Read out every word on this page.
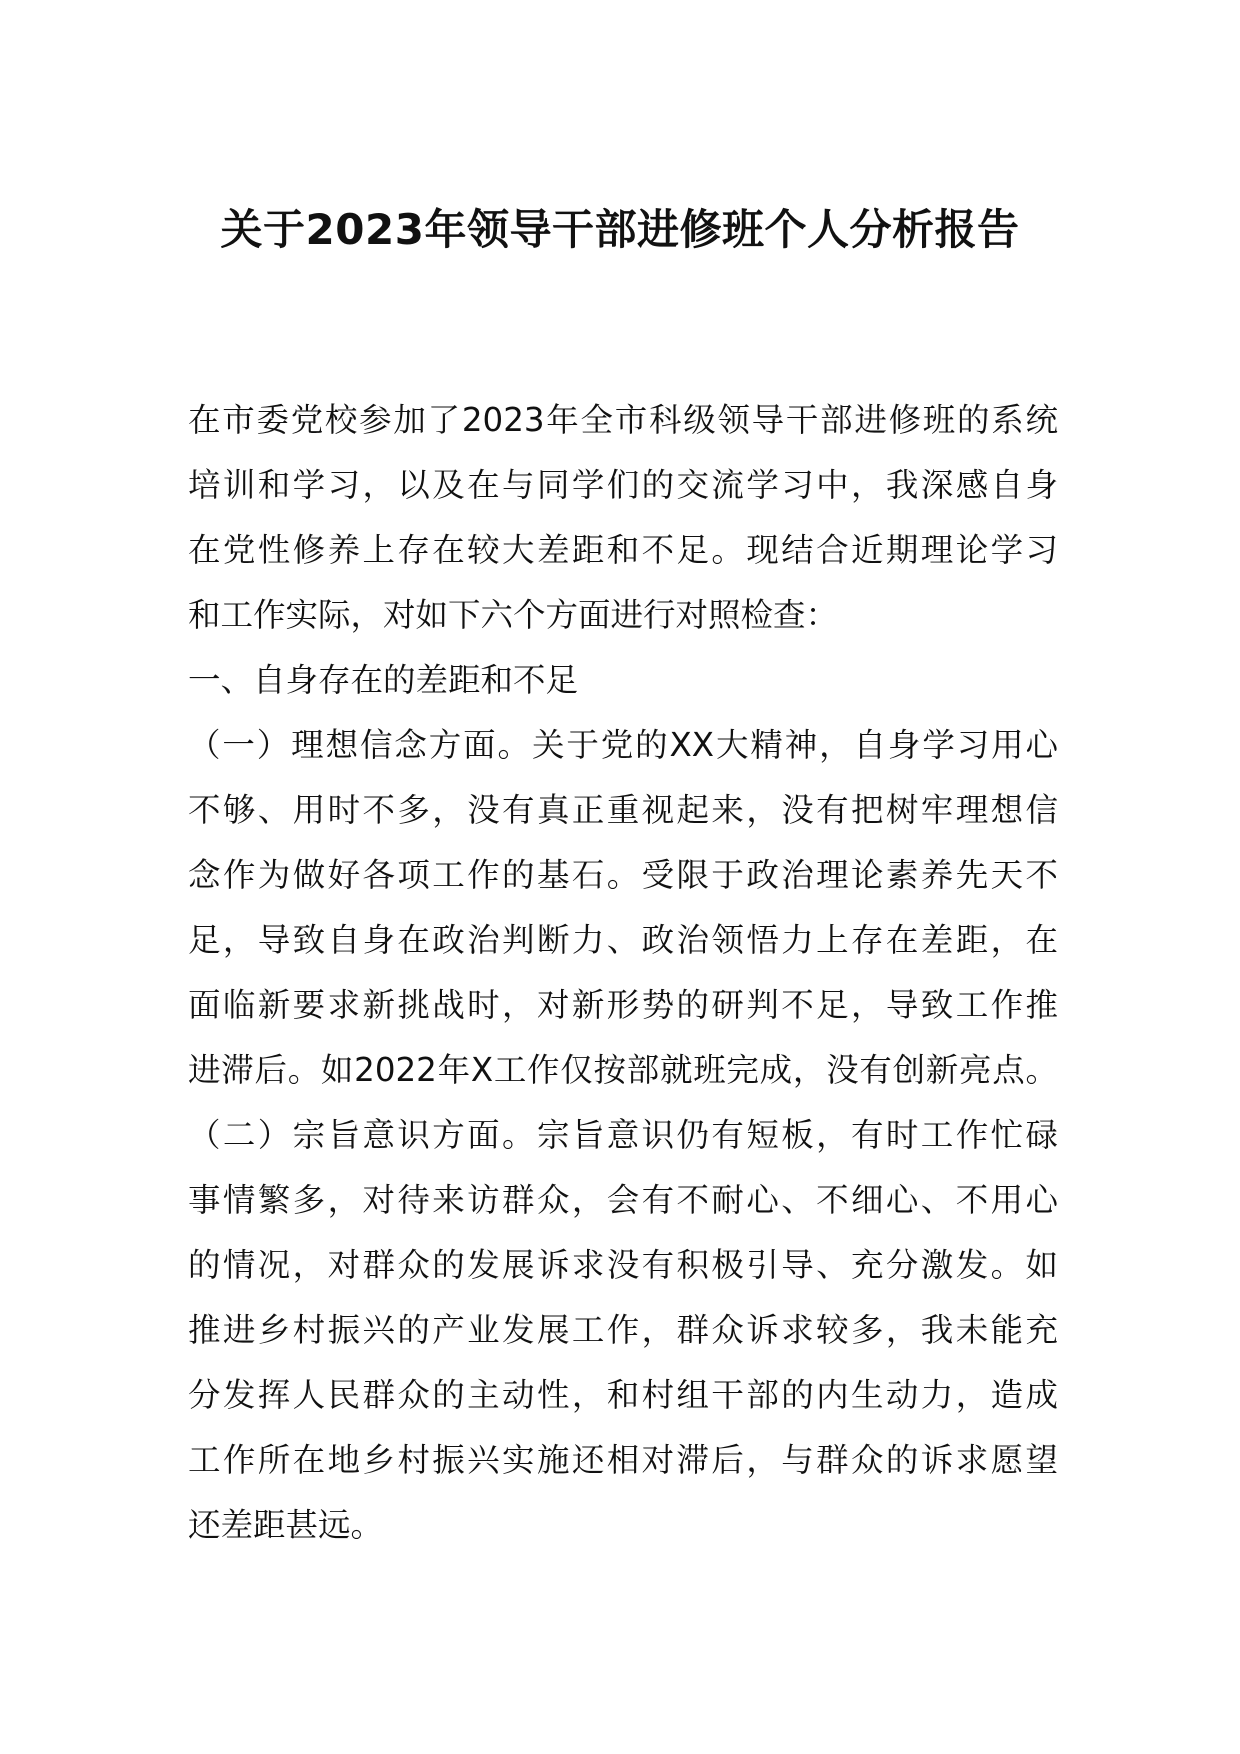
关于2023年领导干部进修班个人分析报告
在市委党校参加了2023年全市科级领导干部进修班的系统
培训和学习，以及在与同学们的交流学习中，我深感自身
在党性修养上存在较大差距和不足。现结合近期理论学习
和工作实际，对如下六个方面进行对照检查：
一、自身存在的差距和不足
（一）理想信念方面。关于党的XX大精神，自身学习用心
不够、用时不多，没有真正重视起来，没有把树牢理想信
念作为做好各项工作的基石。受限于政治理论素养先天不
足，导致自身在政治判断力、政治领悟力上存在差距，在
面临新要求新挑战时，对新形势的研判不足，导致工作推
进滞后。如2022年X工作仅按部就班完成，没有创新亮点。
（二）宗旨意识方面。宗旨意识仍有短板，有时工作忙碌
事情繁多，对待来访群众，会有不耐心、不细心、不用心
的情况，对群众的发展诉求没有积极引导、充分激发。如
推进乡村振兴的产业发展工作，群众诉求较多，我未能充
分发挥人民群众的主动性，和村组干部的内生动力，造成
工作所在地乡村振兴实施还相对滞后，与群众的诉求愿望
还差距甚远。
